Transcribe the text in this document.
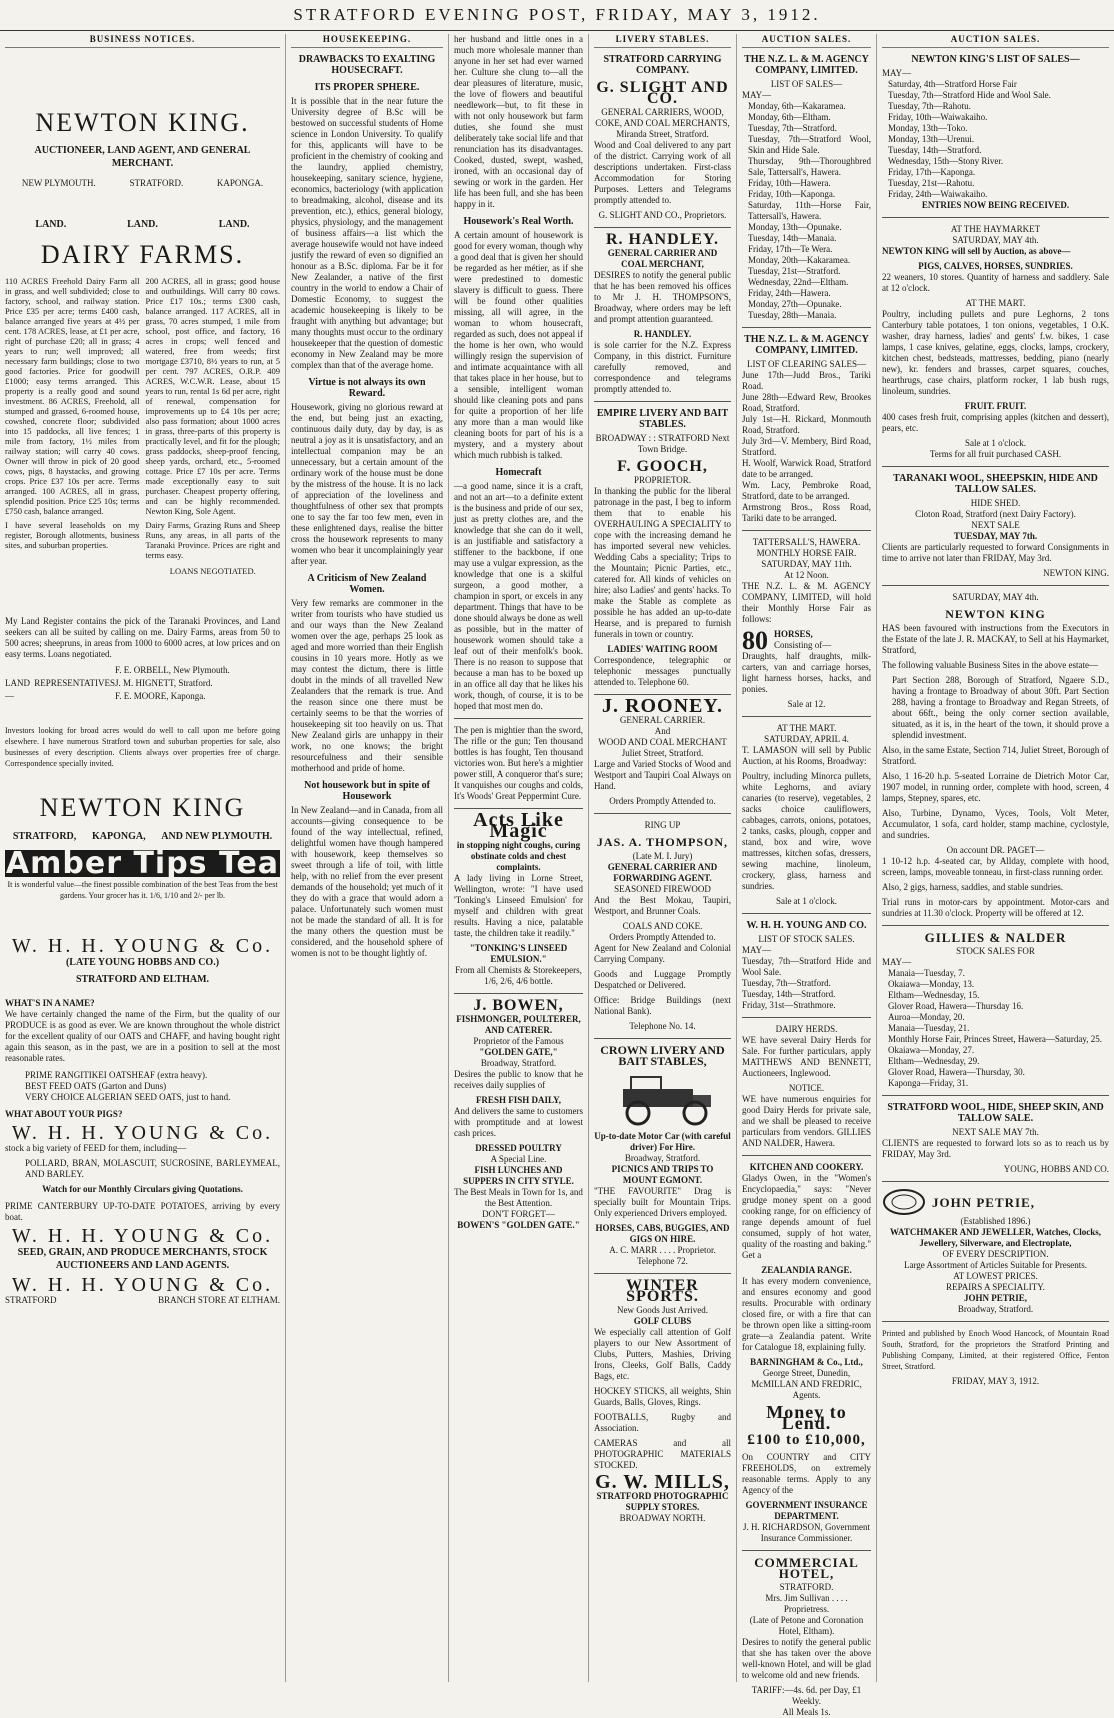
STRATFORD EVENING POST, FRIDAY, MAY 3, 1912.
BUSINESS NOTICES.
NEWTON KING.
AUCTIONEER, LAND AGENT, AND GENERAL MERCHANT.
NEW PLYMOUTH.	STRATFORD.	KAPONGA.
LAND.	LAND.	LAND.
DAIRY FARMS.
110 ACRES Freehold Dairy Farm all in grass, and well subdivided; close to factory, school, and railway station. Price £35 per acre; terms £400 cash, balance arranged five years at 4½ per cent. 178 ACRES, lease, at £1 per acre, right of purchase £20; all in grass; 4 years to run; well improved; all necessary farm buildings; close to two good factories. Price for goodwill £1000; easy terms arranged. This property is a really good and sound investment. 86 ACRES, Freehold, all stumped and grassed, 6-roomed house, cowshed, concrete floor; subdivided into 15 paddocks, all live fences; 1 mile from factory, 1½ miles from railway station; will carry 40 cows. Owner will throw in pick of 20 good cows, pigs, 8 haystacks, and growing crops. Price £37 10s per acre. Terms arranged. 100 ACRES, all in grass, splendid position. Price £25 10s; terms £750 cash, balance arranged.
200 ACRES, all in grass; good house and outbuildings. Will carry 80 cows. Price £17 10s.; terms £300 cash, balance arranged. 117 ACRES, all in grass, 70 acres stumped, 1 mile from school, post office, and factory, 16 acres in crops; well fenced and watered, free from weeds; first mortgage £3710, 8½ years to run, at 5 per cent. 797 ACRES, O.R.P. 409 ACRES, W.C.W.R. Lease, about 15 years to run, rental 1s 6d per acre, right of renewal, compensation for improvements up to £4 10s per acre; also pass formation; about 1000 acres in grass, three-parts of this property is practically level, and fit for the plough; grass paddocks, sheep-proof fencing, sheep yards, orchard, etc., 5-roomed cottage. Price £7 10s per acre. Terms made exceptionally easy to suit purchaser. Cheapest property offering, and can be highly recommended. Newton King, Sole Agent.
I have several leaseholds on my register, Borough allotments, business sites, and suburban properties.
Dairy Farms, Grazing Runs and Sheep Runs, any areas, in all parts of the Taranaki Province. Prices are right and terms easy.
LOANS NEGOTIATED.

My Land Register contains the pick of the Taranaki Provinces, and Land seekers can all be suited by calling on me. Dairy Farms, areas from 50 to 500 acres; sheepruns, in areas from 1000 to 6000 acres, at low prices and on easy terms. Loans negotiated.

LAND REPRESENTATIVES—
F. E. ORBELL, New Plymouth.
J. M. HIGNETT, Stratford.
F. E. MOORE, Kaponga.

Investors looking for broad acres would do well to call upon me before going elsewhere. I have numerous Stratford town and suburban properties for sale, also businesses of every description. Clients always over properties free of charge. Correspondence specially invited.

NEWTON KING
STRATFORD, KAPONGA, AND NEW PLYMOUTH.
Amber Tips Tea
It is wonderful value—the finest possible combination of the best Teas from the best gardens. Your grocer has it. 1/6, 1/10 and 2/- per lb.
W. H. H. YOUNG & Co.
(LATE YOUNG HOBBS AND CO.)
STRATFORD AND ELTHAM.
WHAT'S IN A NAME?

We have certainly changed the name of the Firm, but the quality of our PRODUCE is as good as ever. We are known throughout the whole district for the excellent quality of our OATS and CHAFF, and having bought right again this season, as in the past, we are in a position to sell at the most reasonable rates.

PRIME RANGITIKEI OATSHEAF (extra heavy).
BEST FEED OATS (Garton and Duns)
VERY CHOICE ALGERIAN SEED OATS, just to hand.
WHAT ABOUT YOUR PIGS?
W. H. H. YOUNG & Co.

stock a big variety of FEED for them, including—

POLLARD, BRAN, MOLASCUIT, SUCROSINE, BARLEYMEAL, AND BARLEY.

Watch for our Monthly Circulars giving Quotations.

PRIME CANTERBURY UP-TO-DATE POTATOES, arriving by every boat.

W. H. H. YOUNG & Co.
SEED, GRAIN, AND PRODUCE MERCHANTS, STOCK AUCTIONEERS AND LAND AGENTS.
W. H. H. YOUNG & Co.
STRATFORD	BRANCH STORE AT ELTHAM.
HOUSEKEEPING.
DRAWBACKS TO EXALTING HOUSECRAFT.
ITS PROPER SPHERE.

It is possible that in the near future the University degree of B.Sc will be bestowed on successful students of Home science in London University. To qualify for this, applicants will have to be proficient in the chemistry of cooking and the laundry, applied chemistry, housekeeping, sanitary science, hygiene, economics, bacteriology (with application to breadmaking, alcohol, disease and its prevention, etc.), ethics, general biology, physics, physiology, and the management of business affairs—a list which the average housewife would not have indeed justify the reward of even so dignified an honour as a B.Sc. diploma. Far be it for New Zealander, a native of the first country in the world to endow a Chair of Domestic Economy, to suggest the academic housekeeping is likely to be fraught with anything but advantage; but many thoughts must occur to the ordinary housekeeper that the question of domestic economy in New Zealand may be more complex than that of the average home.

Virtue is not always its own Reward.

Housework, giving no glorious reward at the end, but being just an exacting, continuous daily duty, day by day, is as neutral a joy as it is unsatisfactory, and an intellectual companion may be an unnecessary, but a certain amount of the ordinary work of the house must be done by the mistress of the house. It is no lack of appreciation of the loveliness and thoughtfulness of other sex that prompts one to say the far too few men, even in these enlightened days, realise the bitter cross the housework represents to many women who bear it uncomplainingly year after year.

A Criticism of New Zealand Women.

Very few remarks are commoner in the writer from tourists who have studied us and our ways than the New Zealand women over the age, perhaps 25 look as aged and more worried than their English cousins in 10 years more. Hotly as we may contest the dictum, there is little doubt in the minds of all travelled New Zealanders that the remark is true. And the reason since one there must be certainly seems to be that the worries of housekeeping sit too heavily on us. That New Zealand girls are unhappy in their work, no one knows; the bright resourcefulness and their sensible motherhood and pride of home.

Not housework but in spite of Housework

In New Zealand—and in Canada, from all accounts—giving consequence to be found of the way intellectual, refined, delightful women have though hampered with housework, keep themselves so sweet through a life of toil, with little help, with no relief from the ever present demands of the household; yet much of it they do with a grace that would adorn a palace. Unfortunately such women must not be made the standard of all. It is for the many others the question must be considered, and the household sphere of women is not to be thought lightly of.

her husband and little ones in a much more wholesale manner than anyone in her set had ever warned her. Culture she clung to—all the dear pleasures of literature, music, the love of flowers and beautiful needlework—but, to fit these in with not only housework but farm duties, she found she must deliberately take social life and that renunciation has its disadvantages. Cooked, dusted, swept, washed, ironed, with an occasional day of sewing or work in the garden. Her life has been full, and she has been happy in it.

Housework's Real Worth.

A certain amount of housework is good for every woman, though why a good deal that is given her should be regarded as her métier, as if she were predestined to domestic slavery is difficult to guess. There will be found other qualities missing, all will agree, in the woman to whom housecraft, regarded as such, does not appeal if the home is her own, who would willingly resign the supervision of and intimate acquaintance with all that takes place in her house, but to a sensible, intelligent woman should like cleaning pots and pans for quite a proportion of her life any more than a man would like cleaning boots for part of his is a mystery, and a mystery about which much rubbish is talked.

Homecraft

—a good name, since it is a craft, and not an art—to a definite extent is the business and pride of our sex, just as pretty clothes are, and the knowledge that she can do it well, is an justifiable and satisfactory a stiffener to the backbone, if one may use a vulgar expression, as the knowledge that one is a skilful surgeon, a good mother, a champion in sport, or excels in any department. Things that have to be done should always be done as well as possible, but in the matter of housework women should take a leaf out of their menfolk's book. There is no reason to suppose that because a man has to be boxed up in an office all day that he likes his work, though, of course, it is to be hoped that most men do.

The pen is mightier than the sword, The rifle or the gun; Ten thousand bottles is has fought, Ten thousand victories won. But here's a mightier power still, A conqueror that's sure; It vanquishes our coughs and colds, It's Woods' Great Peppermint Cure.

Acts Like Magic
in stopping night coughs, curing obstinate colds and chest complaints.

A lady living in Lorne Street, Wellington, wrote: "I have used 'Tonking's Linseed Emulsion' for myself and children with great results. Having a nice, palatable taste, the children take it readily."

"TONKING'S LINSEED EMULSION."
From all Chemists & Storekeepers, 1/6, 2/6, 4/6 bottle.
J. BOWEN,
FISHMONGER, POULTERER, AND CATERER.
Proprietor of the Famous
"GOLDEN GATE,"
Broadway, Stratford.

Desires the public to know that he receives daily supplies of

FRESH FISH DAILY,

And delivers the same to customers with promptitude and at lowest cash prices.

DRESSED POULTRY
A Special Line.
FISH LUNCHES AND SUPPERS IN CITY STYLE.
The Best Meals in Town for 1s, and the Best Attention.
DON'T FORGET—
BOWEN'S "GOLDEN GATE."
LIVERY STABLES.
STRATFORD CARRYING COMPANY.
G. SLIGHT AND CO.
GENERAL CARRIERS, WOOD, COKE, AND COAL MERCHANTS, Miranda Street, Stratford.

Wood and Coal delivered to any part of the district. Carrying work of all descriptions undertaken. First-class Accommodation for Storing Purposes. Letters and Telegrams promptly attended to.

G. SLIGHT AND CO., Proprietors.
R. HANDLEY.
GENERAL CARRIER AND COAL MERCHANT,

DESIRES to notify the general public that he has been removed his offices to Mr J. H. THOMPSON'S, Broadway, where orders may be left and prompt attention guaranteed.

R. HANDLEY.

is sole carrier for the N.Z. Express Company, in this district. Furniture carefully removed, and correspondence and telegrams promptly attended to.

EMPIRE LIVERY AND BAIT STABLES.
BROADWAY : : STRATFORD Next Town Bridge.
F. GOOCH,
PROPRIETOR.

In thanking the public for the liberal patronage in the past, I beg to inform them that to enable his OVERHAULING A SPECIALITY to cope with the increasing demand he has imported several new vehicles. Wedding Cabs a speciality; Trips to the Mountain; Picnic Parties, etc., catered for. All kinds of vehicles on hire; also Ladies' and gents' hacks. To make the Stable as complete as possible he has added an up-to-date Hearse, and is prepared to furnish funerals in town or country.

LADIES' WAITING ROOM

Correspondence, telegraphic or telephonic messages punctually attended to. Telephone 60.

J. ROONEY.
GENERAL CARRIER.
And
WOOD AND COAL MERCHANT
Juliet Street, Stratford.

Large and Varied Stocks of Wood and Westport and Taupiri Coal Always on Hand.

Orders Promptly Attended to.
RING UP
JAS. A. THOMPSON,
(Late M. I. Jury)
GENERAL CARRIER AND FORWARDING AGENT.
SEASONED FIREWOOD

And the Best Mokau, Taupiri, Westport, and Brunner Coals.

COALS AND COKE.
Orders Promptly Attended to.

Agent for New Zealand and Colonial Carrying Company.

Goods and Luggage Promptly Despatched or Delivered.

Office: Bridge Buildings (next National Bank).

Telephone No. 14.
CROWN LIVERY AND BAIT STABLES,
Up-to-date Motor Car (with careful driver) For Hire.
Broadway, Stratford.
PICNICS AND TRIPS TO MOUNT EGMONT.

"THE FAVOURITE" Drag is specially built for Mountain Trips. Only experienced Drivers employed.

HORSES, CABS, BUGGIES, AND GIGS ON HIRE.
A. C. MARR . . . . Proprietor.
Telephone 72.
WINTER SPORTS.
New Goods Just Arrived.
GOLF CLUBS

We especially call attention of Golf players to our New Assortment of Clubs, Putters, Mashies, Driving Irons, Cleeks, Golf Balls, Caddy Bags, etc.

HOCKEY STICKS, all weights, Shin Guards, Balls, Gloves, Rings.

FOOTBALLS, Rugby and Association.

CAMERAS and all PHOTOGRAPHIC MATERIALS STOCKED.

G. W. MILLS,
STRATFORD PHOTOGRAPHIC SUPPLY STORES.
BROADWAY NORTH.
AUCTION SALES.
THE N.Z. L. & M. AGENCY COMPANY, LIMITED.
LIST OF SALES—
MAY—
Monday, 6th—Kakaramea.
Monday, 6th—Eltham.
Tuesday, 7th—Stratford.
Tuesday, 7th—Stratford Wool, Skin and Hide Sale.
Thursday, 9th—Thoroughbred Sale, Tattersall's, Hawera.
Friday, 10th—Hawera.
Friday, 10th—Kaponga.
Saturday, 11th—Horse Fair, Tattersall's, Hawera.
Monday, 13th—Opunake.
Tuesday, 14th—Manaia.
Friday, 17th—Te Wera.
Monday, 20th—Kakaramea.
Tuesday, 21st—Stratford.
Wednesday, 22nd—Eltham.
Friday, 24th—Hawera.
Monday, 27th—Opunake.
Tuesday, 28th—Manaia.
THE N.Z. L. & M. AGENCY COMPANY, LIMITED.
LIST OF CLEARING SALES—
June 17th—Judd Bros., Tariki Road.
June 28th—Edward Rew, Brookes Road, Stratford.
July 1st—H. Rickard, Monmouth Road, Stratford.
July 3rd—V. Membery, Bird Road, Stratford.
H. Woolf, Warwick Road, Stratford date to be arranged.
Wm. Lacy, Pembroke Road, Stratford, date to be arranged.
Armstrong Bros., Ross Road, Tariki date to be arranged.
TATTERSALL'S, HAWERA.
MONTHLY HORSE FAIR.
SATURDAY, MAY 11th.
At 12 Noon.

THE N.Z. L. & M. AGENCY COMPANY, LIMITED, will hold their Monthly Horse Fair as follows:

80 HORSES,
Consisting of—

Draughts, half draughts, milk-carters, van and carriage horses, light harness horses, hacks, and ponies.

Sale at 12.
AT THE MART.
SATURDAY, APRIL 4.

T. LAMASON will sell by Public Auction, at his Rooms, Broadway:

Poultry, including Minorca pullets, white Leghorns, and aviary canaries (to reserve), vegetables, 2 sacks choice cauliflowers, cabbages, carrots, onions, potatoes, 2 tanks, casks, plough, copper and stand, box and wire, wove mattresses, kitchen sofas, dressers, sewing machine, linoleum, crockery, glass, harness and sundries.

Sale at 1 o'clock.
W. H. H. YOUNG AND CO.
LIST OF STOCK SALES.
MAY—
Tuesday, 7th—Stratford Hide and Wool Sale.
Tuesday, 7th—Stratford.
Tuesday, 14th—Stratford.
Friday, 31st—Strathmore.
DAIRY HERDS.

WE have several Dairy Herds for Sale. For further particulars, apply MATTHEWS AND BENNETT, Auctioneers, Inglewood.

NOTICE.

WE have numerous enquiries for good Dairy Herds for private sale, and we shall be pleased to receive particulars from vendors. GILLIES AND NALDER, Hawera.

KITCHEN AND COOKERY.

Gladys Owen, in the "Women's Encyclopaedia," says: "Never grudge money spent on a good cooking range, for on efficiency of range depends amount of fuel consumed, supply of hot water, quality of the roasting and baking." Get a

ZEALANDIA RANGE.

It has every modern convenience, and ensures economy and good results. Procurable with ordinary closed fire, or with a fire that can be thrown open like a sitting-room grate—a Zealandia patent. Write for Catalogue 18, explaining fully.

BARNINGHAM & Co., Ltd.,
George Street, Dunedin, McMILLAN AND FREDRIC, Agents.
Money to Lend.
£100 to £10,000,

On COUNTRY and CITY FREEHOLDS, on extremely reasonable terms. Apply to any Agency of the

GOVERNMENT INSURANCE DEPARTMENT.
J. H. RICHARDSON, Government Insurance Commissioner.
COMMERCIAL HOTEL,
STRATFORD.
Mrs. Jim Sullivan . . . . Proprietress.
(Late of Petone and Coronation Hotel, Eltham).

Desires to notify the general public that she has taken over the above well-known Hotel, and will be glad to welcome old and new friends.

TARIFF:—4s. 6d. per Day, £1 Weekly.
All Meals 1s.
AUCTION SALES.
NEWTON KING'S LIST OF SALES—
MAY—
Saturday, 4th—Stratford Horse Fair
Tuesday, 7th—Stratford Hide and Wool Sale.
Tuesday, 7th—Rahotu.
Friday, 10th—Waiwakaiho.
Monday, 13th—Toko.
Monday, 13th—Urenui.
Tuesday, 14th—Stratford.
Wednesday, 15th—Stony River.
Friday, 17th—Kaponga.
Tuesday, 21st—Rahotu.
Friday, 24th—Waiwakaiho.
ENTRIES NOW BEING RECEIVED.
AT THE HAYMARKET
SATURDAY, MAY 4th.

NEWTON KING will sell by Auction, as above—

PIGS, CALVES, HORSES, SUNDRIES.

22 weaners, 10 stores. Quantity of harness and saddlery. Sale at 12 o'clock.

AT THE MART.

Poultry, including pullets and pure Leghorns, 2 tons Canterbury table potatoes, 1 ton onions, vegetables, 1 O.K. washer, dray harness, ladies' and gents' f.w. bikes, 1 case lamps, 1 case knives, gelatine, eggs, clocks, lamps, crockery, kitchen chest, bedsteads, mattresses, bedding, piano (nearly new), kr. fenders and brasses, carpet squares, couches, hearthrugs, case chairs, platform rocker, 1 lab bush rugs, linoleum, sundries.

FRUIT. FRUIT.

400 cases fresh fruit, comprising apples (kitchen and dessert), pears, etc.

Sale at 1 o'clock.
Terms for all fruit purchased CASH.
TARANAKI WOOL, SHEEPSKIN, HIDE AND TALLOW SALES.
HIDE SHED.
Cloton Road, Stratford (next Dairy Factory).
NEXT SALE
TUESDAY, MAY 7th.

Clients are particularly requested to forward Consignments in time to arrive not later than FRIDAY, May 3rd.

NEWTON KING.
SATURDAY, MAY 4th.
NEWTON KING

HAS been favoured with instructions from the Executors in the Estate of the late J. R. MACKAY, to Sell at his Haymarket, Stratford,

The following valuable Business Sites in the above estate—

Part Section 288, Borough of Stratford, Ngaere S.D., having a frontage to Broadway of about 30ft. Part Section 288, having a frontage to Broadway and Regan Streets, of about 66ft., being the only corner section available, situated, as it is, in the heart of the town, it should prove a splendid investment.

Also, in the same Estate, Section 714, Juliet Street, Borough of Stratford.

Also, 1 16-20 h.p. 5-seated Lorraine de Dietrich Motor Car, 1907 model, in running order, complete with hood, screen, 4 lamps, Stepney, spares, etc.

Also, Turbine, Dynamo, Vyces, Tools, Volt Meter, Accumulator, 1 sofa, card holder, stamp machine, cyclostyle, and sundries.

On account DR. PAGET—

1 10-12 h.p. 4-seated car, by Allday, complete with hood, screen, lamps, moveable tonneau, in first-class running order.

Also, 2 gigs, harness, saddles, and stable sundries.

Trial runs in motor-cars by appointment. Motor-cars and sundries at 11.30 o'clock. Property will be offered at 12.

GILLIES & NALDER
STOCK SALES FOR
MAY—
Manaia—Tuesday, 7.
Okaiawa—Monday, 13.
Eltham—Wednesday, 15.
Glover Road, Hawera—Thursday 16.
Auroa—Monday, 20.
Manaia—Tuesday, 21.
Monthly Horse Fair, Princes Street, Hawera—Saturday, 25.
Okaiawa—Monday, 27.
Eltham—Wednesday, 29.
Glover Road, Hawera—Thursday, 30.
Kaponga—Friday, 31.
STRATFORD WOOL, HIDE, SHEEP SKIN, AND TALLOW SALE.
NEXT SALE MAY 7th.

CLIENTS are requested to forward lots so as to reach us by FRIDAY, May 3rd.

YOUNG, HOBBS AND CO.
JOHN PETRIE,
(Established 1896.)
WATCHMAKER AND JEWELLER, Watches, Clocks, Jewellery, Silverware, and Electroplate,
OF EVERY DESCRIPTION.
Large Assortment of Articles Suitable for Presents.
AT LOWEST PRICES.
REPAIRS A SPECIALITY.
JOHN PETRIE,
Broadway, Stratford.

Printed and published by Enoch Wood Hancock, of Mountain Road South, Stratford, for the proprietors the Stratford Printing and Publishing Company, Limited, at their registered Office, Fenton Street, Stratford.

FRIDAY, MAY 3, 1912.
